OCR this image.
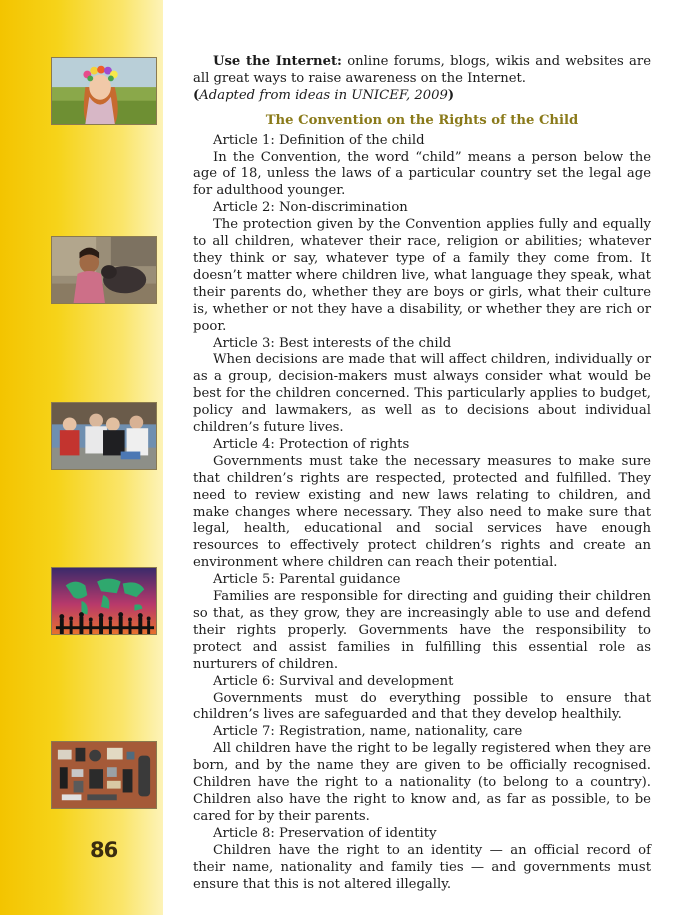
86

Use the Internet: online forums, blogs, wikis and websites are all great ways to raise awareness on the Internet.

(Adapted from ideas in UNICEF, 2009)

The Convention on the Rights of the Child

Article 1: Definition of the child

In the Convention, the word “child” means a person below the age of 18, unless the laws of a particular country set the legal age for adulthood younger.

Article 2: Non-discrimination

The protection given by the Convention applies fully and equally to all children, whatever their race, religion or abilities; whatever they think or say, whatever type of a family they come from. It doesn’t matter where children live, what language they speak, what their parents do, whether they are boys or girls, what their culture is, whether or not they have a disability, or whether they are rich or poor.

Article 3: Best interests of the child

When decisions are made that will affect children, individually or as a group, decision-makers must always consider what would be best for the children concerned. This particularly applies to budget, policy and lawmakers, as well as to decisions about individual children’s future lives.

Article 4: Protection of rights

Governments must take the necessary measures to make sure that children’s rights are respected, protected and fulfilled. They need to review existing and new laws relating to children, and make changes where necessary. They also need to make sure that legal, health, educational and social services have enough resources to effectively protect children’s rights and create an environment where children can reach their potential.

Article 5: Parental guidance

Families are responsible for directing and guiding their children so that, as they grow, they are increasingly able to use and defend their rights properly. Governments have the responsibility to protect and assist families in fulfilling this essential role as nurturers of children.

Article 6: Survival and development

Governments must do everything possible to ensure that children’s lives are safeguarded and that they develop healthily.

Article 7: Registration, name, nationality, care

All children have the right to be legally registered when they are born, and by the name they are given to be officially recognised. Children have the right to a nationality (to belong to a country). Children also have the right to know and, as far as possible, to be cared for by their parents.

Article 8: Preservation of identity

Children have the right to an identity — an official record of their name, nationality and family ties — and governments must ensure that this is not altered illegally.
